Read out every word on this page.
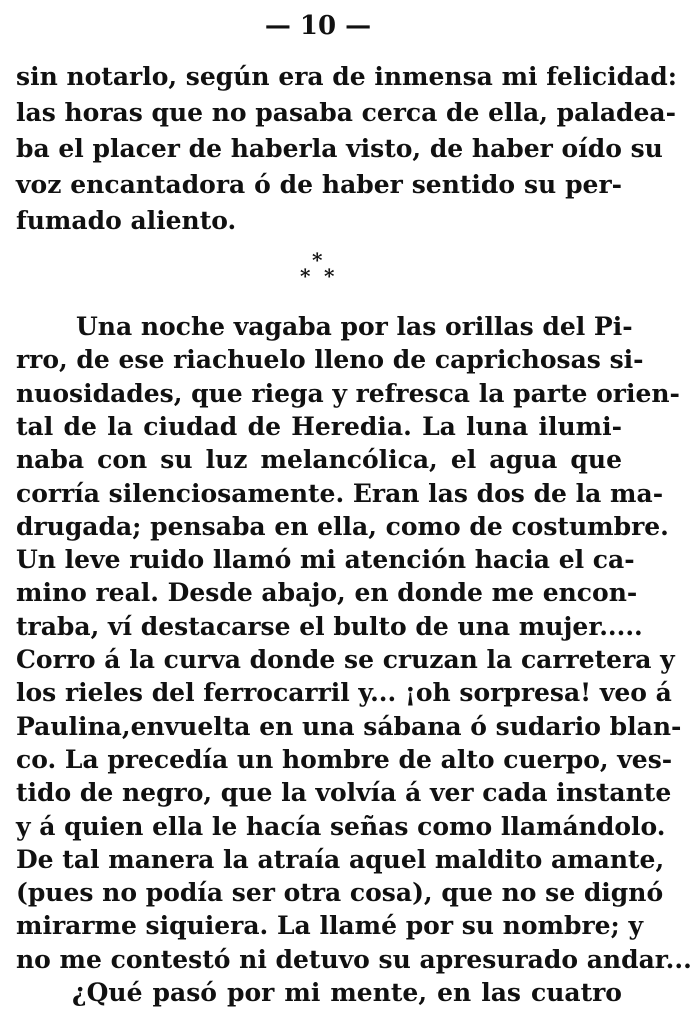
— 10 —
sin notarlo, según era de inmensa mi felicidad:
las horas que no pasaba cerca de ella, paladea-
ba el placer de haberla visto, de haber oído su
voz encantadora ó de haber sentido su per-
fumado aliento.
*
* *
Una noche vagaba por las orillas del Pi-
rro, de ese riachuelo lleno de caprichosas si-
nuosidades, que riega y refresca la parte orien-
tal de la ciudad de Heredia. La luna ilumi-
naba con su luz melancólica, el agua que
corría silenciosamente. Eran las dos de la ma-
drugada; pensaba en ella, como de costumbre.
Un leve ruido llamó mi atención hacia el ca-
mino real. Desde abajo, en donde me encon-
traba, ví destacarse el bulto de una mujer.....
Corro á la curva donde se cruzan la carretera y
los rieles del ferrocarril y... ¡oh sorpresa! veo á
Paulina,envuelta en una sábana ó sudario blan-
co. La precedía un hombre de alto cuerpo, ves-
tido de negro, que la volvía á ver cada instante
y á quien ella le hacía señas como llamándolo.
De tal manera la atraía aquel maldito amante,
(pues no podía ser otra cosa), que no se dignó
mirarme siquiera. La llamé por su nombre; y
no me contestó ni detuvo su apresurado andar...
¿Qué pasó por mi mente, en las cuatro
